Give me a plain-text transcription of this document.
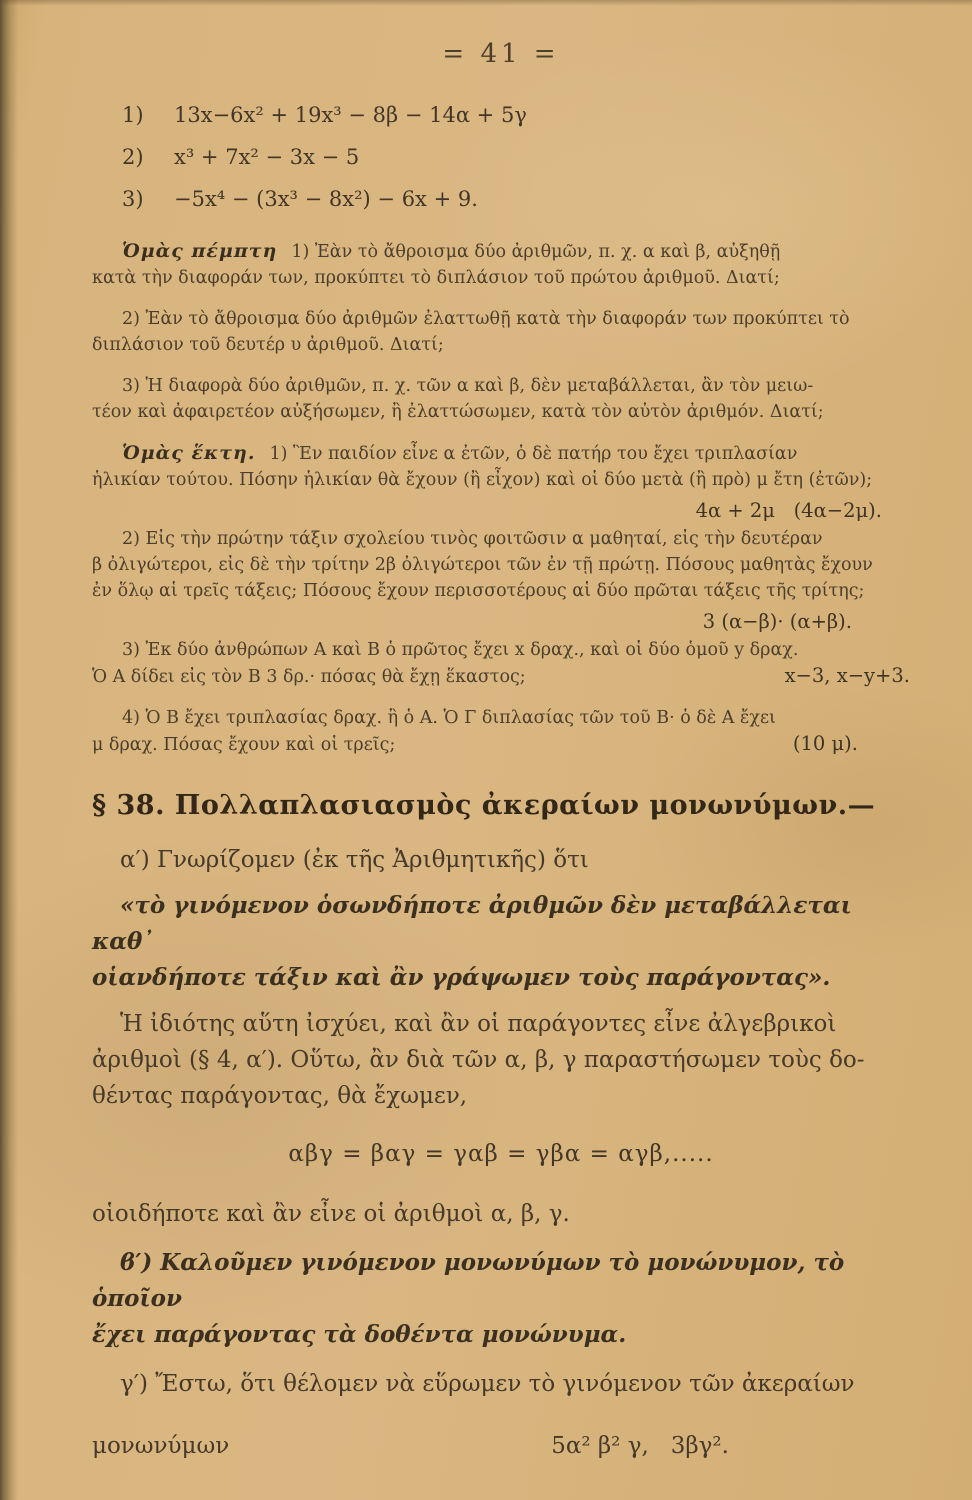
= 41 =
1) 13x−6x² + 19x³ − 8β − 14α + 5γ
2) x³ + 7x² − 3x − 5
3) −5x⁴ − (3x³ − 8x²) − 6x + 9.
Ὁμὰς πέμπτη 1) Ἐὰν τὸ ἄθροισμα δύο ἀριθμῶν, π. χ. α καὶ β, αὐξηθῇ
κατὰ τὴν διαφοράν των, προκύπτει τὸ διπλάσιον τοῦ πρώτου ἀριθμοῦ. Διατί;
2) Ἐὰν τὸ ἄθροισμα δύο ἀριθμῶν ἐλαττωθῇ κατὰ τὴν διαφοράν των προκύπτει τὸ
διπλάσιον τοῦ δευτέρ υ ἀριθμοῦ. Διατί;
3) Ἡ διαφορὰ δύο ἀριθμῶν, π. χ. τῶν α καὶ β, δὲν μεταβάλλεται, ἂν τὸν μειω-
τέον καὶ ἀφαιρετέον αὐξήσωμεν, ἢ ἐλαττώσωμεν, κατὰ τὸν αὐτὸν ἀριθμόν. Διατί;
Ὁμὰς ἕκτη. 1) Ἓν παιδίον εἶνε α ἐτῶν, ὁ δὲ πατήρ του ἔχει τριπλασίαν
ἡλικίαν τούτου. Πόσην ἡλικίαν θὰ ἔχουν (ἢ εἶχον) καὶ οἱ δύο μετὰ (ἢ πρὸ) μ ἔτη (ἐτῶν);
4α + 2μ   (4α−2μ).
2) Εἰς τὴν πρώτην τάξιν σχολείου τινὸς φοιτῶσιν α μαθηταί, εἰς τὴν δευτέραν
β ὀλιγώτεροι, εἰς δὲ τὴν τρίτην 2β ὀλιγώτεροι τῶν ἐν τῇ πρώτῃ. Πόσους μαθητὰς ἔχουν
ἐν ὅλῳ αἱ τρεῖς τάξεις; Πόσους ἔχουν περισσοτέρους αἱ δύο πρῶται τάξεις τῆς τρίτης;
3 (α−β)· (α+β).
3) Ἐκ δύο ἀνθρώπων Α καὶ Β ὁ πρῶτος ἔχει x δραχ., καὶ οἱ δύο ὁμοῦ y δραχ.
Ὁ Α δίδει εἰς τὸν Β 3 δρ.· πόσας θὰ ἔχῃ ἕκαστος;	x−3, x−y+3.
4) Ὁ Β ἔχει τριπλασίας δραχ. ἢ ὁ Α. Ὁ Γ διπλασίας τῶν τοῦ Β· ὁ δὲ Α ἔχει
μ δραχ. Πόσας ἔχουν καὶ οἱ τρεῖς;	(10 μ).
§ 38. Πολλαπλασιασμὸς ἀκεραίων μονωνύμων.—
α′) Γνωρίζομεν (ἐκ τῆς Ἀριθμητικῆς) ὅτι
«τὸ γινόμενον ὁσωνδήποτε ἀριθμῶν δὲν μεταβάλλεται καθ᾽
οἱανδήποτε τάξιν καὶ ἂν γράψωμεν τοὺς παράγοντας».
Ἡ ἰδιότης αὕτη ἰσχύει, καὶ ἂν οἱ παράγοντες εἶνε ἀλγεβρικοὶ
ἀριθμοὶ (§ 4, α′). Οὕτω, ἂν διὰ τῶν α, β, γ παραστήσωμεν τοὺς δο-
θέντας παράγοντας, θὰ ἔχωμεν,
αβγ = βαγ = γαβ = γβα = αγβ,.....
οἱοιδήποτε καὶ ἂν εἶνε οἱ ἀριθμοὶ α, β, γ.
ϐ′) Καλοῦμεν γινόμενον μονωνύμων τὸ μονώνυμον, τὸ ὁποῖον
ἔχει παράγοντας τὰ δοθέντα μονώνυμα.
γ′) Ἔστω, ὅτι θέλομεν νὰ εὕρωμεν τὸ γινόμενον τῶν ἀκεραίων
μονωνύμων	5α² β² γ,   3βγ².
